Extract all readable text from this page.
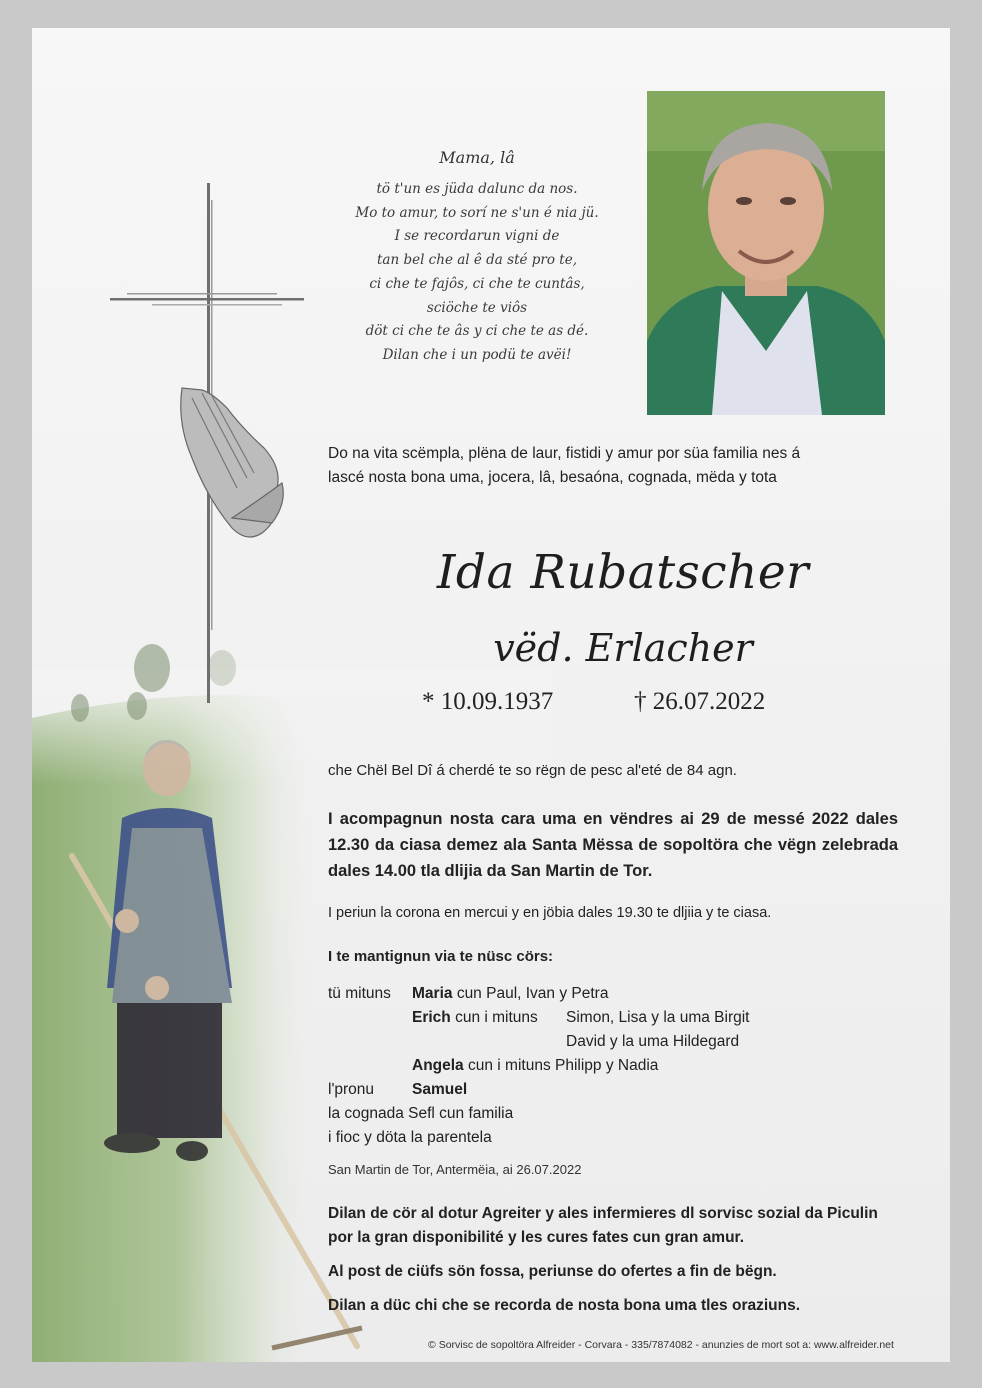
Mama, lâ
tö t'un es jüda dalunc da nos.
Mo to amur, to sorí ne s'un é nia jü.
I se recordarun vigni de
tan bel che al ê da sté pro te,
ci che te fajôs, ci che te cuntâs,
sciöche te viôs
döt ci che te âs y ci che te as dé.
Dilan che i un podü te avëi!
Do na vita scëmpla, plëna de laur, fistidi y amur por süa familia nes á
lascé nosta bona uma, jocera, lâ, besaóna, cognada, mëda y tota
Ida Rubatscher
vëd. Erlacher
* 10.09.1937	† 26.07.2022
che Chël Bel Dî á cherdé te so rëgn de pesc al'eté de 84 agn.
I acompagnun nosta cara uma en vëndres ai 29 de messé 2022 dales 12.30 da ciasa demez ala Santa Mëssa de sopoltöra che vëgn zelebrada dales 14.00 tla dlijia da San Martin de Tor.
I periun la corona en mercui y en jöbia dales 19.30 te dljiia y te ciasa.
I te mantignun via te nüsc cörs:
tü mituns Maria cun Paul, Ivan y Petra
Erich cun i mituns Simon, Lisa y la uma Birgit
David y la uma Hildegard
Angela cun i mituns Philipp y Nadia
l'pronu Samuel
la cognada Sefl cun familia
i fioc y döta la parentela
San Martin de Tor, Antermëia, ai 26.07.2022
Dilan de cör al dotur Agreiter y ales infermieres dl sorvisc sozial da Piculin
por la gran disponibilité y les cures fates cun gran amur.
Al post de ciüfs sön fossa, periunse do ofertes a fin de bëgn.
Dilan a düc chi che se recorda de nosta bona uma tles oraziuns.
© Sorvisc de sopoltöra Alfreider - Corvara - 335/7874082 - anunzies de mort sot a: www.alfreider.net
